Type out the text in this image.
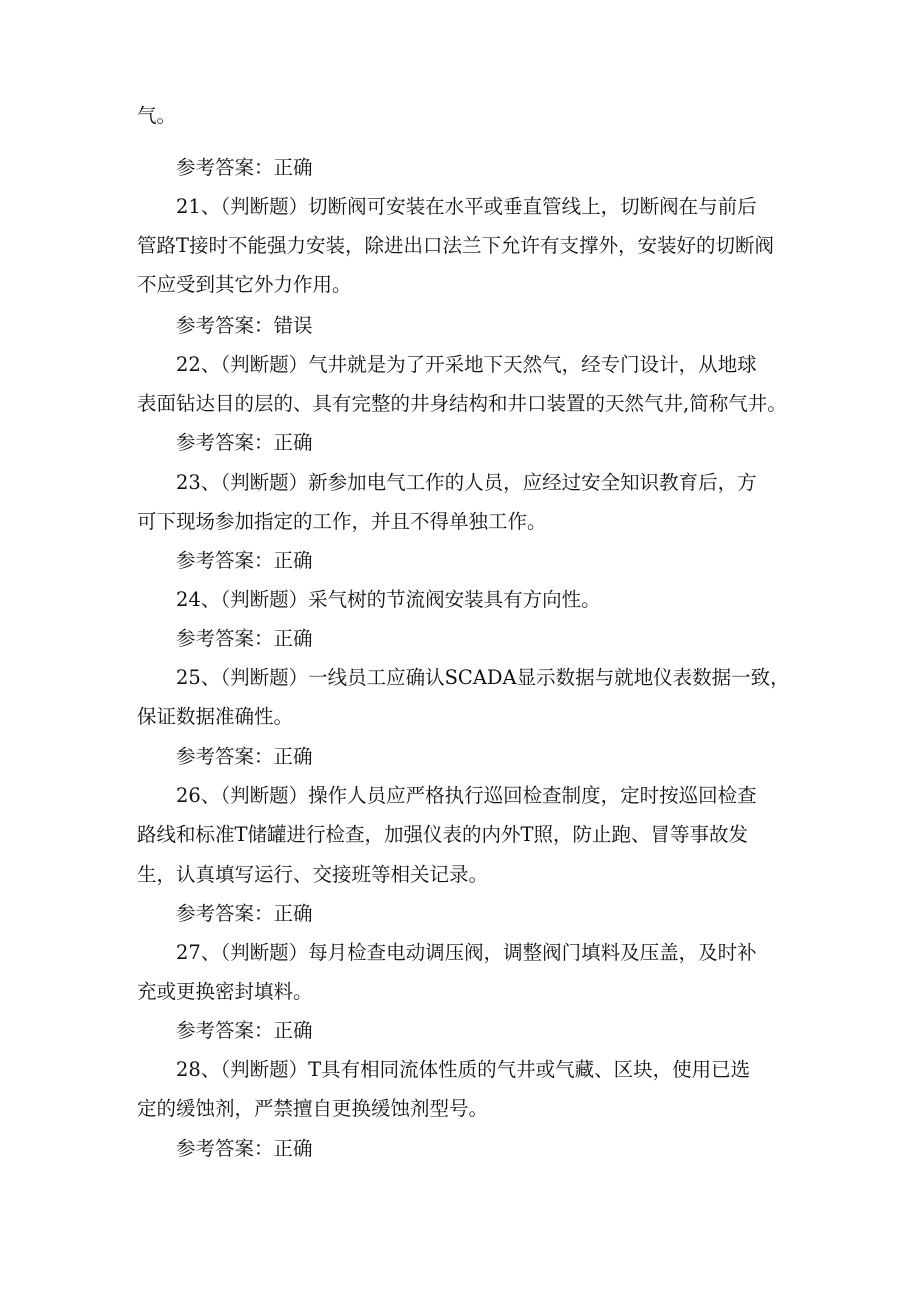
气。
参考答案：正确
21、（判断题）切断阀可安装在水平或垂直管线上，切断阀在与前后
管路T接时不能强力安装，除进出口法兰下允许有支撑外，安装好的切断阀
不应受到其它外力作用。
参考答案：错误
22、（判断题）气井就是为了开采地下天然气，经专门设计，从地球
表面钻达目的层的、具有完整的井身结构和井口装置的天然气井,简称气井。
参考答案：正确
23、（判断题）新参加电气工作的人员，应经过安全知识教育后，方
可下现场参加指定的工作，并且不得单独工作。
参考答案：正确
24、（判断题）采气树的节流阀安装具有方向性。
参考答案：正确
25、（判断题）一线员工应确认SCADA显示数据与就地仪表数据一致，
保证数据准确性。
参考答案：正确
26、（判断题）操作人员应严格执行巡回检查制度，定时按巡回检查
路线和标准T储罐进行检查，加强仪表的内外T照，防止跑、冒等事故发
生，认真填写运行、交接班等相关记录。
参考答案：正确
27、（判断题）每月检查电动调压阀，调整阀门填料及压盖，及时补
充或更换密封填料。
参考答案：正确
28、（判断题）T具有相同流体性质的气井或气藏、区块，使用已选
定的缓蚀剂，严禁擅自更换缓蚀剂型号。
参考答案：正确
